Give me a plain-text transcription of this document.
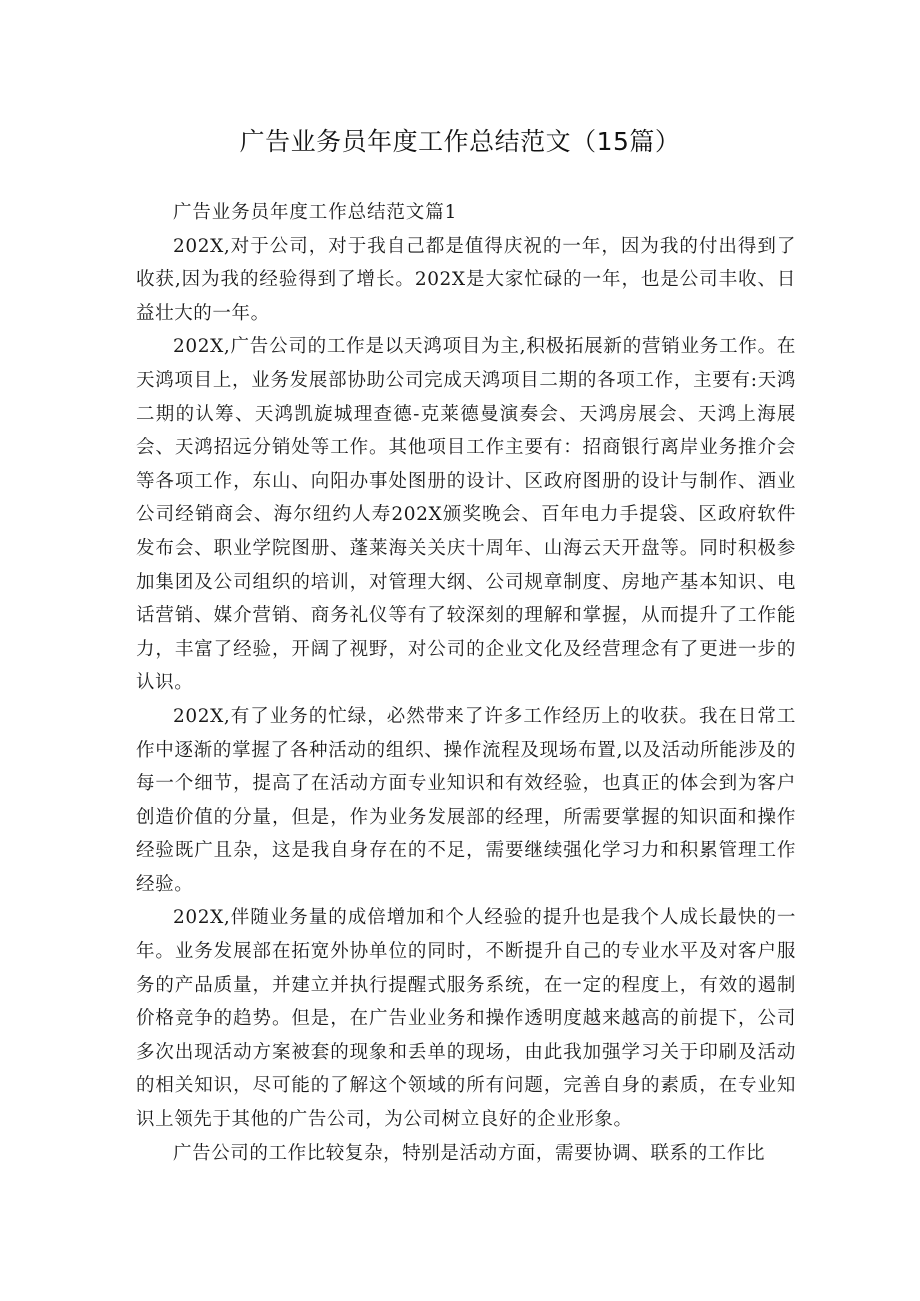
广告业务员年度工作总结范文（15篇）

广告业务员年度工作总结范文篇1

202X,对于公司，对于我自己都是值得庆祝的一年，因为我的付出得到了收获,因为我的经验得到了增长。202X是大家忙碌的一年，也是公司丰收、日益壮大的一年。

202X,广告公司的工作是以天鸿项目为主,积极拓展新的营销业务工作。在天鸿项目上，业务发展部协助公司完成天鸿项目二期的各项工作，主要有:天鸿二期的认筹、天鸿凯旋城理查德-克莱德曼演奏会、天鸿房展会、天鸿上海展会、天鸿招远分销处等工作。其他项目工作主要有：招商银行离岸业务推介会等各项工作，东山、向阳办事处图册的设计、区政府图册的设计与制作、酒业公司经销商会、海尔纽约人寿202X颁奖晚会、百年电力手提袋、区政府软件发布会、职业学院图册、蓬莱海关关庆十周年、山海云天开盘等。同时积极参加集团及公司组织的培训，对管理大纲、公司规章制度、房地产基本知识、电话营销、媒介营销、商务礼仪等有了较深刻的理解和掌握，从而提升了工作能力，丰富了经验，开阔了视野，对公司的企业文化及经营理念有了更进一步的认识。

202X,有了业务的忙绿，必然带来了许多工作经历上的收获。我在日常工作中逐渐的掌握了各种活动的组织、操作流程及现场布置,以及活动所能涉及的每一个细节，提高了在活动方面专业知识和有效经验，也真正的体会到为客户创造价值的分量，但是，作为业务发展部的经理，所需要掌握的知识面和操作经验既广且杂，这是我自身存在的不足，需要继续强化学习力和积累管理工作经验。

202X,伴随业务量的成倍增加和个人经验的提升也是我个人成长最快的一年。业务发展部在拓宽外协单位的同时，不断提升自己的专业水平及对客户服务的产品质量，并建立并执行提醒式服务系统，在一定的程度上，有效的遏制价格竞争的趋势。但是，在广告业业务和操作透明度越来越高的前提下，公司多次出现活动方案被套的现象和丢单的现场，由此我加强学习关于印刷及活动的相关知识，尽可能的了解这个领域的所有问题，完善自身的素质，在专业知识上领先于其他的广告公司，为公司树立良好的企业形象。

广告公司的工作比较复杂，特别是活动方面，需要协调、联系的工作比
